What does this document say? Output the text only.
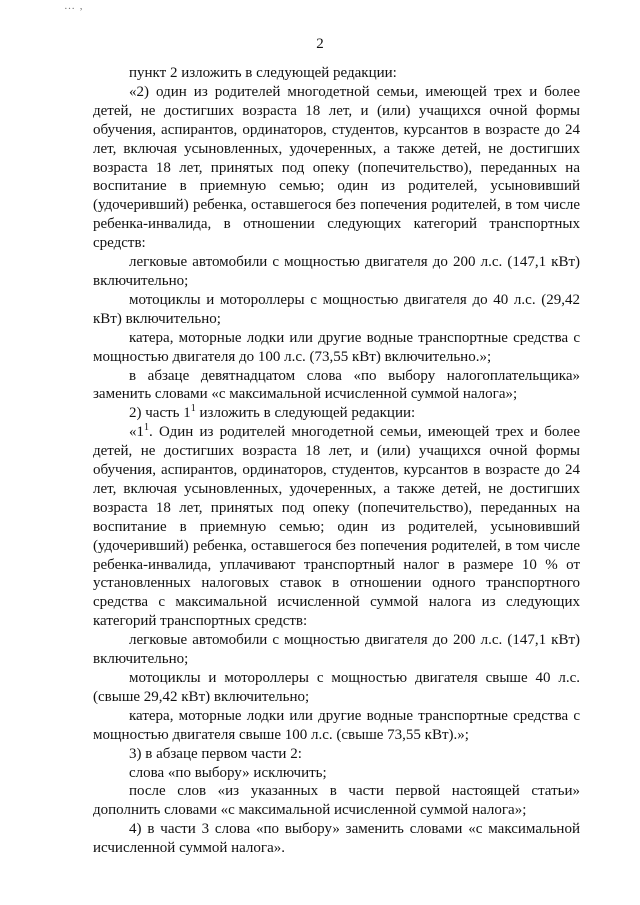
… ,
2

пункт 2 изложить в следующей редакции:

«2) один из родителей многодетной семьи, имеющей трех и более детей, не достигших возраста 18 лет, и (или) учащихся очной формы обучения, аспирантов, ординаторов, студентов, курсантов в возрасте до 24 лет, включая усыновленных, удочеренных, а также детей, не достигших возраста 18 лет, принятых под опеку (попечительство), переданных на воспитание в приемную семью; один из родителей, усыновивший (удочеривший) ребенка, оставшегося без попечения родителей, в том числе ребенка-инвалида, в отношении следующих категорий транспортных средств:

легковые автомобили с мощностью двигателя до 200 л.с. (147,1 кВт) включительно;

мотоциклы и мотороллеры с мощностью двигателя до 40 л.с. (29,42 кВт) включительно;

катера, моторные лодки или другие водные транспортные средства с мощностью двигателя до 100 л.с. (73,55 кВт) включительно.»;

в абзаце девятнадцатом слова «по выбору налогоплательщика» заменить словами «с максимальной исчисленной суммой налога»;

2) часть $1^1$ изложить в следующей редакции:

«$1^1$. Один из родителей многодетной семьи, имеющей трех и более детей, не достигших возраста 18 лет, и (или) учащихся очной формы обучения, аспирантов, ординаторов, студентов, курсантов в возрасте до 24 лет, включая усыновленных, удочеренных, а также детей, не достигших возраста 18 лет, принятых под опеку (попечительство), переданных на воспитание в приемную семью; один из родителей, усыновивший (удочеривший) ребенка, оставшегося без попечения родителей, в том числе ребенка-инвалида, уплачивают транспортный налог в размере 10 % от установленных налоговых ставок в отношении одного транспортного средства с максимальной исчисленной суммой налога из следующих категорий транспортных средств:

легковые автомобили с мощностью двигателя до 200 л.с. (147,1 кВт) включительно;

мотоциклы и мотороллеры с мощностью двигателя свыше 40 л.с. (свыше 29,42 кВт) включительно;

катера, моторные лодки или другие водные транспортные средства с мощностью двигателя свыше 100 л.с. (свыше 73,55 кВт).»;

3) в абзаце первом части 2:

слова «по выбору» исключить;

после слов «из указанных в части первой настоящей статьи» дополнить словами «с максимальной исчисленной суммой налога»;

4) в части 3 слова «по выбору» заменить словами «с максимальной исчисленной суммой налога».
